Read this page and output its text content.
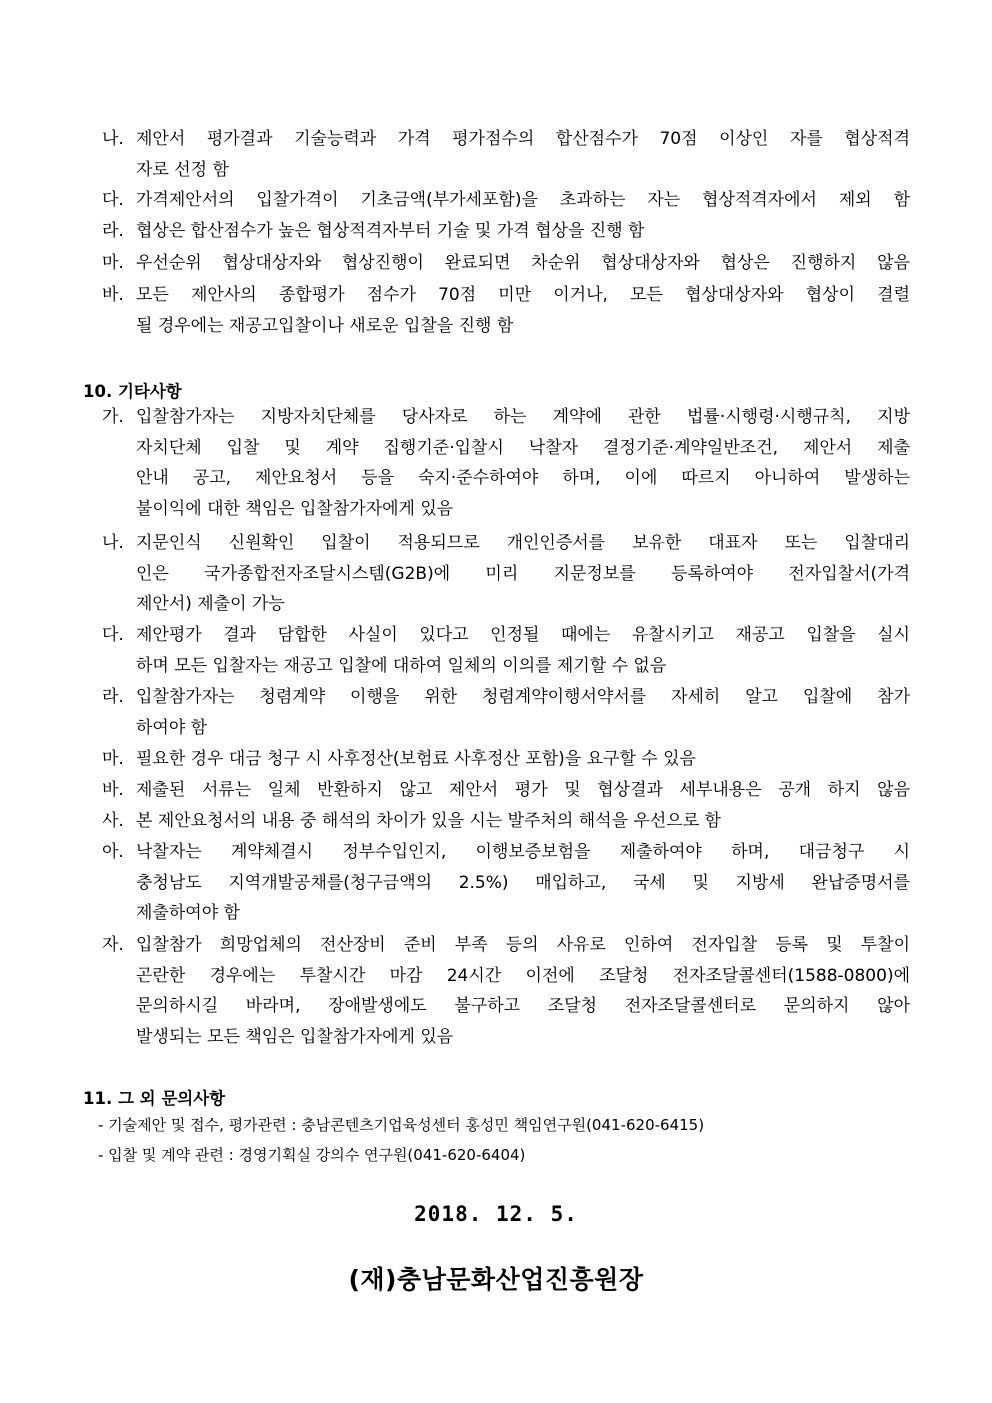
나. 제안서 평가결과 기술능력과 가격 평가점수의 합산점수가 70점 이상인 자를 협상적격
자로 선정 함
다. 가격제안서의 입찰가격이 기초금액(부가세포함)을 초과하는 자는 협상적격자에서 제외 함
라. 협상은 합산점수가 높은 협상적격자부터 기술 및 가격 협상을 진행 함
마. 우선순위 협상대상자와 협상진행이 완료되면 차순위 협상대상자와 협상은 진행하지 않음
바. 모든 제안사의 종합평가 점수가 70점 미만 이거나, 모든 협상대상자와 협상이 결렬
될 경우에는 재공고입찰이나 새로운 입찰을 진행 함
10. 기타사항
가. 입찰참가자는 지방자치단체를 당사자로 하는 계약에 관한 법률·시행령·시행규칙, 지방
자치단체 입찰 및 계약 집행기준·입찰시 낙찰자 결정기준·계약일반조건, 제안서 제출
안내 공고, 제안요청서 등을 숙지·준수하여야 하며, 이에 따르지 아니하여 발생하는
불이익에 대한 책임은 입찰참가자에게 있음
나. 지문인식 신원확인 입찰이 적용되므로 개인인증서를 보유한 대표자 또는 입찰대리
인은 국가종합전자조달시스템(G2B)에 미리 지문정보를 등록하여야 전자입찰서(가격
제안서) 제출이 가능
다. 제안평가 결과 담합한 사실이 있다고 인정될 때에는 유찰시키고 재공고 입찰을 실시
하며 모든 입찰자는 재공고 입찰에 대하여 일체의 이의를 제기할 수 없음
라. 입찰참가자는 청렴계약 이행을 위한 청렴계약이행서약서를 자세히 알고 입찰에 참가
하여야 함
마. 필요한 경우 대금 청구 시 사후정산(보험료 사후정산 포함)을 요구할 수 있음
바. 제출된 서류는 일체 반환하지 않고 제안서 평가 및 협상결과 세부내용은 공개 하지 않음
사. 본 제안요청서의 내용 중 해석의 차이가 있을 시는 발주처의 해석을 우선으로 함
아. 낙찰자는 계약체결시 정부수입인지, 이행보증보험을 제출하여야 하며, 대금청구 시
충청남도 지역개발공채를(청구금액의 2.5%) 매입하고, 국세 및 지방세 완납증명서를
제출하여야 함
자. 입찰참가 희망업체의 전산장비 준비 부족 등의 사유로 인하여 전자입찰 등록 및 투찰이
곤란한 경우에는 투찰시간 마감 24시간 이전에 조달청 전자조달콜센터(1588-0800)에
문의하시길 바라며, 장애발생에도 불구하고 조달청 전자조달콜센터로 문의하지 않아
발생되는 모든 책임은 입찰참가자에게 있음
11. 그 외 문의사항
- 기술제안 및 접수, 평가관련 : 충남콘텐츠기업육성센터 홍성민 책임연구원(041-620-6415)
- 입찰 및 계약 관련 : 경영기획실 강의수 연구원(041-620-6404)
2018. 12. 5.
(재)충남문화산업진흥원장
